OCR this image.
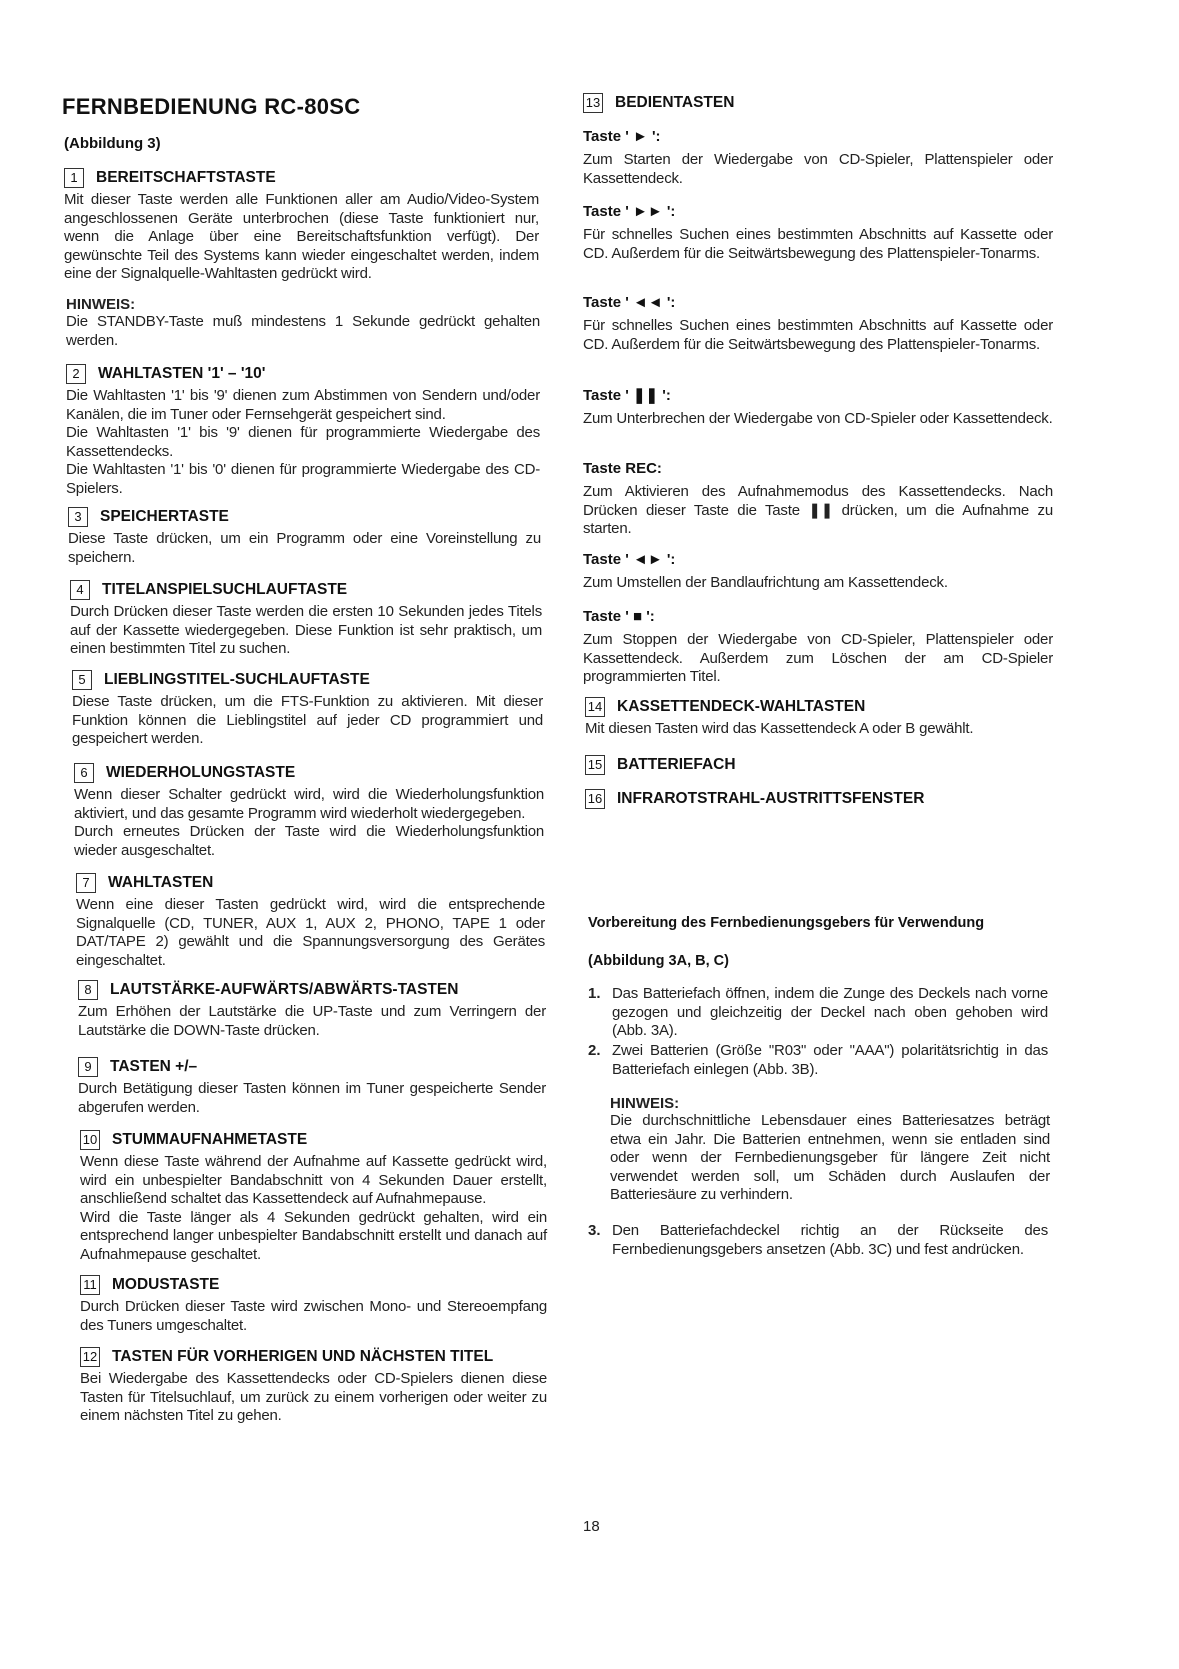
FERNBEDIENUNG RC-80SC
(Abbildung 3)
18
1	BEREITSCHAFTSTASTE

Mit dieser Taste werden alle Funktionen aller am Audio/Video-System angeschlossenen Geräte unterbrochen (diese Taste funktioniert nur, wenn die Anlage über eine Bereitschaftsfunktion verfügt). Der gewünschte Teil des Systems kann wieder eingeschaltet werden, indem eine der Signalquelle-Wahltasten gedrückt wird.

HINWEIS:

Die STANDBY-Taste muß mindestens 1 Sekunde gedrückt gehalten werden.

2	WAHLTASTEN '1' – '10'

Die Wahltasten '1' bis '9' dienen zum Abstimmen von Sendern und/oder Kanälen, die im Tuner oder Fernsehgerät gespeichert sind.

Die Wahltasten '1' bis '9' dienen für programmierte Wiedergabe des Kassettendecks.

Die Wahltasten '1' bis '0' dienen für programmierte Wiedergabe des CD-Spielers.

3	SPEICHERTASTE

Diese Taste drücken, um ein Programm oder eine Voreinstellung zu speichern.

4	TITELANSPIELSUCHLAUFTASTE

Durch Drücken dieser Taste werden die ersten 10 Sekunden jedes Titels auf der Kassette wiedergegeben. Diese Funktion ist sehr praktisch, um einen bestimmten Titel zu suchen.

5	LIEBLINGSTITEL-SUCHLAUFTASTE

Diese Taste drücken, um die FTS-Funktion zu aktivieren. Mit dieser Funktion können die Lieblingstitel auf jeder CD programmiert und gespeichert werden.

6	WIEDERHOLUNGSTASTE

Wenn dieser Schalter gedrückt wird, wird die Wiederholungsfunktion aktiviert, und das gesamte Programm wird wiederholt wiedergegeben.

Durch erneutes Drücken der Taste wird die Wiederholungsfunktion wieder ausgeschaltet.

7	WAHLTASTEN

Wenn eine dieser Tasten gedrückt wird, wird die entsprechende Signalquelle (CD, TUNER, AUX 1, AUX 2, PHONO, TAPE 1 oder DAT/TAPE 2) gewählt und die Spannungsversorgung des Gerätes eingeschaltet.

8	LAUTSTÄRKE-AUFWÄRTS/ABWÄRTS-TASTEN

Zum Erhöhen der Lautstärke die UP-Taste und zum Verringern der Lautstärke die DOWN-Taste drücken.

9	TASTEN +/–

Durch Betätigung dieser Tasten können im Tuner gespeicherte Sender abgerufen werden.

10 STUMMAUFNAHMETASTE

Wenn diese Taste während der Aufnahme auf Kassette gedrückt wird, wird ein unbespielter Bandabschnitt von 4 Sekunden Dauer erstellt, anschließend schaltet das Kassettendeck auf Aufnahmepause.

Wird die Taste länger als 4 Sekunden gedrückt gehalten, wird ein entsprechend langer unbespielter Bandabschnitt erstellt und danach auf Aufnahmepause geschaltet.

11 MODUSTASTE

Durch Drücken dieser Taste wird zwischen Mono- und Stereoempfang des Tuners umgeschaltet.

12 TASTEN FÜR VORHERIGEN UND NÄCHSTEN TITEL

Bei Wiedergabe des Kassettendecks oder CD-Spielers dienen diese Tasten für Titelsuchlauf, um zurück zu einem vorherigen oder weiter zu einem nächsten Titel zu gehen.

13 BEDIENTASTEN
Taste ' ► ':
Zum Starten der Wiedergabe von CD-Spieler, Plattenspieler oder Kassettendeck.
Taste ' ►► ':
Für schnelles Suchen eines bestimmten Abschnitts auf Kassette oder CD. Außerdem für die Seitwärtsbewegung des Plattenspieler-Tonarms.
Taste ' ◄◄ ':
Für schnelles Suchen eines bestimmten Abschnitts auf Kassette oder CD. Außerdem für die Seitwärtsbewegung des Plattenspieler-Tonarms.
Taste ' ❚❚ ':
Zum Unterbrechen der Wiedergabe von CD-Spieler oder Kassettendeck.
Taste REC:
Zum Aktivieren des Aufnahmemodus des Kassettendecks. Nach Drücken dieser Taste die Taste ❚❚ drücken, um die Aufnahme zu starten.
Taste ' ◄► ':
Zum Umstellen der Bandlaufrichtung am Kassettendeck.
Taste ' ■ ':
Zum Stoppen der Wiedergabe von CD-Spieler, Plattenspieler oder Kassettendeck. Außerdem zum Löschen der am CD-Spieler programmierten Titel.
14 KASSETTENDECK-WAHLTASTEN
Mit diesen Tasten wird das Kassettendeck A oder B gewählt.
15 BATTERIEFACH
16 INFRAROTSTRAHL-AUSTRITTSFENSTER
Vorbereitung des Fernbedienungsgebers für Verwendung
(Abbildung 3A, B, C)
1. Das Batteriefach öffnen, indem die Zunge des Deckels nach vorne gezogen und gleichzeitig der Deckel nach oben gehoben wird (Abb. 3A).
2. Zwei Batterien (Größe "R03" oder "AAA") polaritätsrichtig in das Batteriefach einlegen (Abb. 3B).
3. Den Batteriefachdeckel richtig an der Rückseite des Fernbedienungsgebers ansetzen (Abb. 3C) und fest andrücken.
HINWEIS:
Die durchschnittliche Lebensdauer eines Batteriesatzes beträgt etwa ein Jahr. Die Batterien entnehmen, wenn sie entladen sind oder wenn der Fernbedienungsgeber für längere Zeit nicht verwendet werden soll, um Schäden durch Auslaufen der Batteriesäure zu verhindern.
